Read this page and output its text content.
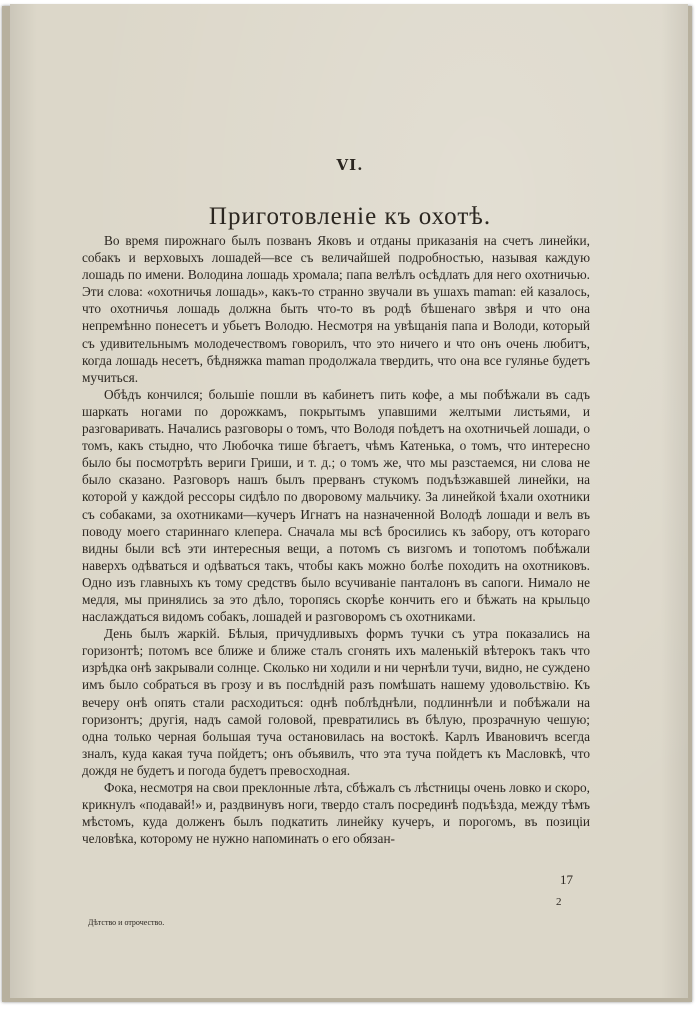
VI.
Приготовленіе къ охотѣ.

Во время пирожнаго былъ позванъ Яковъ и отданы приказанія на счетъ линейки, собакъ и верховыхъ лошадей—все съ величайшей подробностью, называя каждую лошадь по имени. Володина лошадь хромала; папа велѣлъ осѣдлать для него охотничью. Эти слова: «охотничья лошадь», какъ-то странно звучали въ ушахъ maman: ей казалось, что охотничья лошадь должна быть что-то въ родѣ бѣшенаго звѣря и что она непремѣнно понесетъ и убьетъ Володю. Несмотря на увѣщанія папа и Володи, который съ удивительнымъ молодечествомъ говорилъ, что это ничего и что онъ очень любитъ, когда лошадь несетъ, бѣдняжка maman продолжала твердить, что она все гулянье будетъ мучиться.

Обѣдъ кончился; большіе пошли въ кабинетъ пить кофе, а мы побѣжали въ садъ шаркать ногами по дорожкамъ, покрытымъ упавшими желтыми листьями, и разговаривать. Начались разговоры о томъ, что Володя поѣдетъ на охотничьей лошади, о томъ, какъ стыдно, что Любочка тише бѣгаетъ, чѣмъ Катенька, о томъ, что интересно было бы посмотрѣть вериги Гриши, и т. д.; о томъ же, что мы разстаемся, ни слова не было сказано. Разговоръ нашъ былъ прерванъ стукомъ подъѣзжавшей линейки, на которой у каждой рессоры сидѣло по дворовому мальчику. За линейкой ѣхали охотники съ собаками, за охотниками—кучеръ Игнатъ на назначенной Володѣ лошади и велъ въ поводу моего стариннаго клепера. Сначала мы всѣ бросились къ забору, отъ котораго видны были всѣ эти интересныя вещи, а потомъ съ визгомъ и топотомъ побѣжали наверхъ одѣваться и одѣваться такъ, чтобы какъ можно болѣе походить на охотниковъ. Одно изъ главныхъ къ тому средствъ было всучиваніе панталонъ въ сапоги. Нимало не медля, мы принялись за это дѣло, торопясь скорѣе кончить его и бѣжать на крыльцо наслаждаться видомъ собакъ, лошадей и разговоромъ съ охотниками.

День былъ жаркій. Бѣлыя, причудливыхъ формъ тучки съ утра показались на горизонтѣ; потомъ все ближе и ближе сталъ сгонять ихъ маленькій вѣтерокъ такъ что изрѣдка онѣ закрывали солнце. Сколько ни ходили и ни чернѣли тучи, видно, не суждено имъ было собраться въ грозу и въ послѣдній разъ помѣшать нашему удовольствію. Къ вечеру онѣ опять стали расходиться: однѣ поблѣднѣли, подлиннѣли и побѣжали на горизонтъ; другія, надъ самой головой, превратились въ бѣлую, прозрачную чешую; одна только черная большая туча остановилась на востокѣ. Карлъ Ивановичъ всегда зналъ, куда какая туча пойдетъ; онъ объявилъ, что эта туча пойдетъ къ Масловкѣ, что дождя не будетъ и погода будетъ превосходная.

Фока, несмотря на свои преклонные лѣта, сбѣжалъ съ лѣстницы очень ловко и скоро, крикнулъ «подавай!» и, раздвинувъ ноги, твердо сталъ посрединѣ подъѣзда, между тѣмъ мѣстомъ, куда долженъ былъ подкатить линейку кучеръ, и порогомъ, въ позиціи человѣка, которому не нужно напоминать о его обязан-

17
2
Дѣтство и отрочество.
